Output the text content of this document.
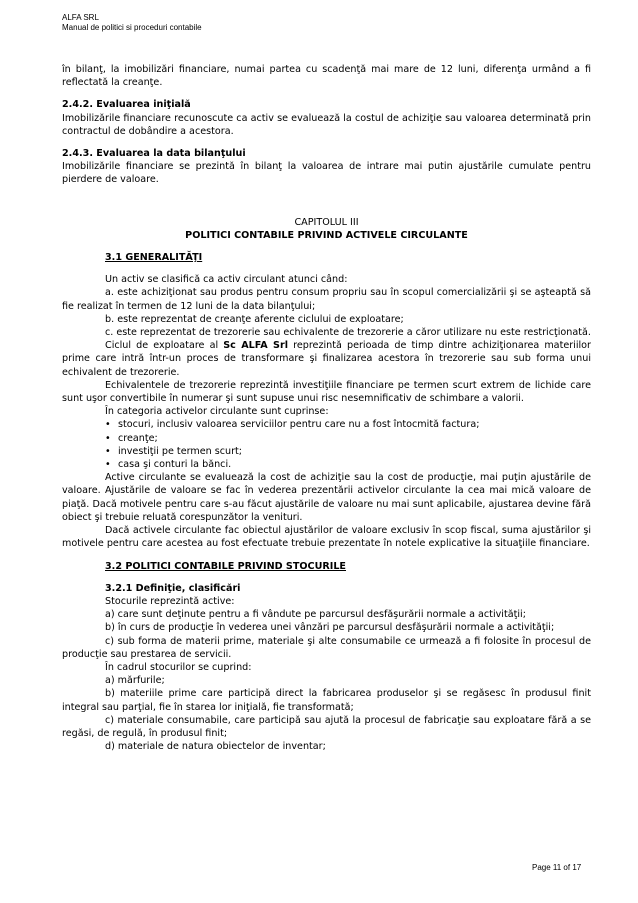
ALFA SRL
Manual de politici si proceduri contabile

în bilanţ, la imobilizări financiare, numai partea cu scadenţă mai mare de 12 luni, diferenţa urmând a fi reflectată la creanţe.

2.4.2. Evaluarea iniţială

Imobilizările financiare recunoscute ca activ se evaluează la costul de achiziţie sau valoarea determinată prin contractul de dobândire a acestora.

2.4.3. Evaluarea la data bilanţului

Imobilizările financiare se prezintă în bilanţ la valoarea de intrare mai putin ajustările cumulate pentru pierdere de valoare.

CAPITOLUL III

POLITICI CONTABILE PRIVIND ACTIVELE CIRCULANTE

3.1 GENERALITĂŢI

Un activ se clasifică ca activ circulant atunci când:

a. este achiziţionat sau produs pentru consum propriu sau în scopul comercializării şi se aşteaptă să fie realizat în termen de 12 luni de la data bilanţului;

b. este reprezentat de creanţe aferente ciclului de exploatare;

c. este reprezentat de trezorerie sau echivalente de trezorerie a căror utilizare nu este restricţionată.

Ciclul de exploatare al Sc ALFA Srl reprezintă perioada de timp dintre achiziţionarea materiilor prime care intră într-un proces de transformare şi finalizarea acestora în trezorerie sau sub forma unui echivalent de trezorerie.

Echivalentele de trezorerie reprezintă investiţiile financiare pe termen scurt extrem de lichide care sunt uşor convertibile în numerar şi sunt supuse unui risc nesemnificativ de schimbare a valorii.

În categoria activelor circulante sunt cuprinse:

• stocuri, inclusiv valoarea serviciilor pentru care nu a fost întocmită factura;
• creanţe;
• investiţii pe termen scurt;
• casa şi conturi la bănci.

Active circulante se evaluează la cost de achiziţie sau la cost de producţie, mai puţin ajustările de valoare. Ajustările de valoare se fac în vederea prezentării activelor circulante la cea mai mică valoare de piaţă. Dacă motivele pentru care s-au făcut ajustările de valoare nu mai sunt aplicabile, ajustarea devine fără obiect şi trebuie reluată corespunzător la venituri.

Dacă activele circulante fac obiectul ajustărilor de valoare exclusiv în scop fiscal, suma ajustărilor şi motivele pentru care acestea au fost efectuate trebuie prezentate în notele explicative la situaţiile financiare.

3.2 POLITICI CONTABILE PRIVIND STOCURILE

3.2.1 Definiţie, clasificări

Stocurile reprezintă active:

a) care sunt deţinute pentru a fi vândute pe parcursul desfăşurării normale a activităţii;

b) în curs de producţie în vederea unei vânzări pe parcursul desfăşurării normale a activităţii;

c) sub forma de materii prime, materiale şi alte consumabile ce urmează a fi folosite în procesul de producţie sau prestarea de servicii.

În cadrul stocurilor se cuprind:

a) mărfurile;

b) materiile prime care participă direct la fabricarea produselor şi se regăsesc în produsul finit integral sau parţial, fie în starea lor iniţială, fie transformată;

c) materiale consumabile, care participă sau ajută la procesul de fabricaţie sau exploatare fără a se regăsi, de regulă, în produsul finit;

d) materiale de natura obiectelor de inventar;

Page 11 of 17
